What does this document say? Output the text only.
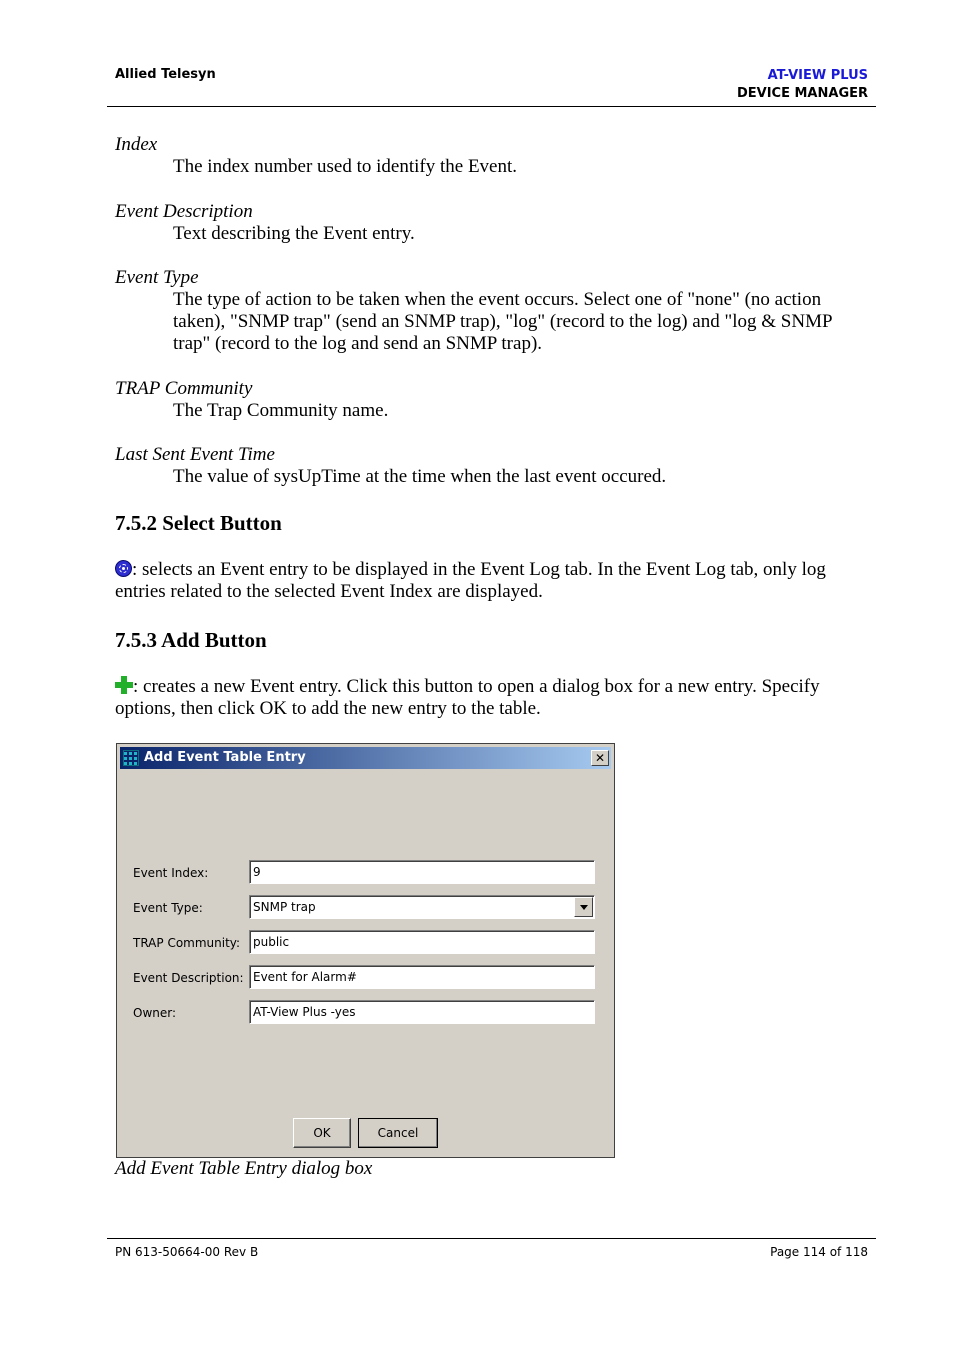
Allied Telesyn	AT-VIEW PLUS
DEVICE MANAGER
Index
The index number used to identify the Event.
Event Description
Text describing the Event entry.
Event Type
The type of action to be taken when the event occurs. Select one of "none" (no action taken), "SNMP trap" (send an SNMP trap), "log" (record to the log) and "log & SNMP trap" (record to the log and send an SNMP trap).
TRAP Community
The Trap Community name.
Last Sent Event Time
The value of sysUpTime at the time when the last event occured.
7.5.2 Select Button
: selects an Event entry to be displayed in the Event Log tab. In the Event Log tab, only log entries related to the selected Event Index are displayed.
7.5.3 Add Button
: creates a new Event entry. Click this button to open a dialog box for a new entry. Specify options, then click OK to add the new entry to the table.
Add Event Table Entry	✕
Event Index:	9
Event Type:	SNMP trap
TRAP Community:	public
Event Description: Event for Alarm#
Owner:	AT-View Plus -yes
OK	Cancel
Add Event Table Entry dialog box
PN 613-50664-00 Rev B	Page 114 of 118
